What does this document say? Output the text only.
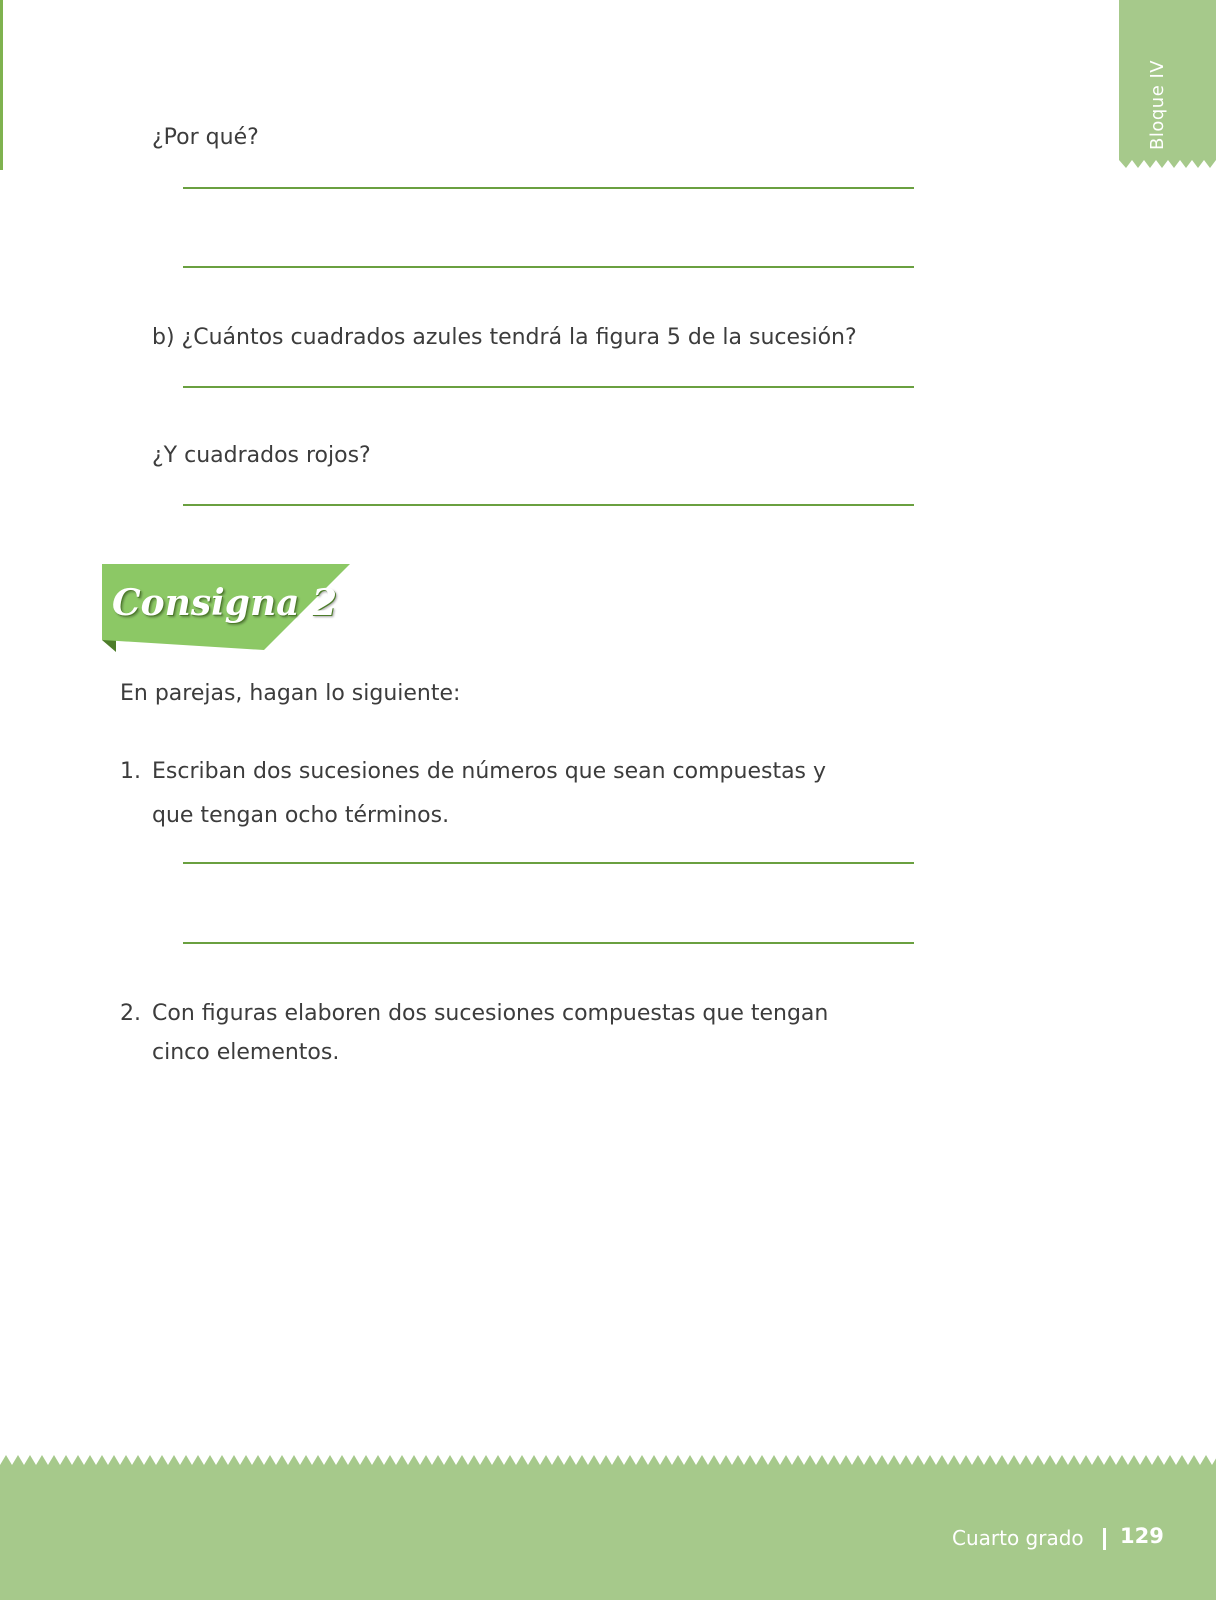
Bloque IV
¿Por qué?
b) ¿Cuántos cuadrados azules tendrá la figura 5 de la sucesión?
¿Y cuadrados rojos?
Consigna 2
En parejas, hagan lo siguiente:
1. Escriban dos sucesiones de números que sean compuestas y
que tengan ocho términos.
2. Con figuras elaboren dos sucesiones compuestas que tengan
cinco elementos.
Cuarto grado 129
